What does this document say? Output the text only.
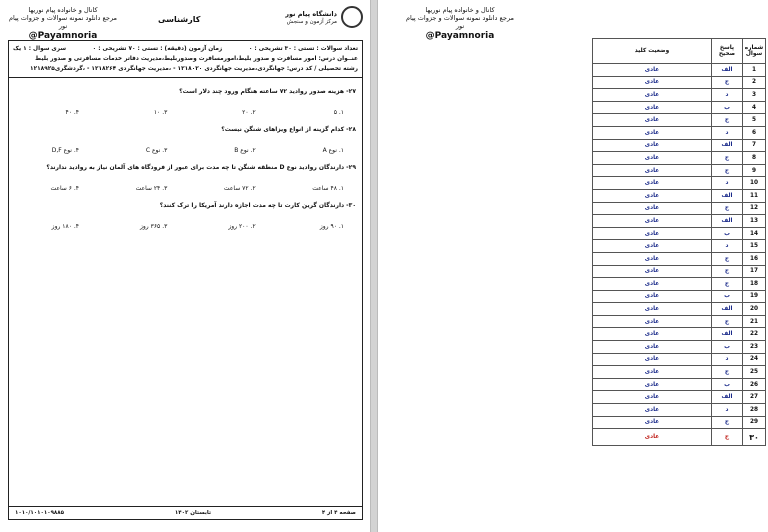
کانال و خانواده پیام نوریها
مرجع دانلود نمونه سوالات و جزوات پیام نور
@Payamnoria
کارشناسی
دانشگاه پیام نور
مرکز آزمون و سنجش
تعداد سوالات : تستی : ۳۰ تشریحی : ۰
زمان آزمون (دقیقه) : تستی : ۷۰ تشریحی : ۰
سری سوال : ۱ یک
عنــوان درس: امور مسافرت و صدور بلیط،امورمسافرت وصدوربلیط،مدیریت دفاتر خدمات مسافرتی و صدور بلیط
رشته تحصیلی / کد درس: جهانگردی،مدیریت جهانگردی ۱۲۱۸۰۲۰ - ،مدیریت جهانگردی ۱۲۱۸۲۶۴ - ،گردشگری۱۲۱۸۹۲۵
۲۷- هزینه صدور روادید ۷۲ ساعته هنگام ورود چند دلار است؟
۱. ۵
۲. ۲۰
۳. ۱۰
۴. ۴۰
۲۸- کدام گزینه از انواع ویزاهای شنگن نیست؟
۱. نوع A
۲. نوع B
۳. نوع C
۴. نوع D,F
۲۹- دارندگان روادید نوع D منطقه شنگن تا چه مدت برای عبور از فرودگاه های آلمان نیاز به روادید ندارند؟
۱. ۴۸ ساعت
۲. ۷۲ ساعت
۳. ۲۴ ساعت
۴. ۶ ساعت
۳۰- دارندگان گرین کارت تا چه مدت اجازه دارند آمریکا را ترک کنند؟
۱. ۹۰ روز
۲. ۲۰۰ روز
۳. ۳۶۵ روز
۴. ۱۸۰ روز
صفحه ۴ از ۴
تابستان ۱۴۰۲
۱۰۱۰/۱۰۱۰۱۰۹۸۸۵
کانال و خانواده پیام نوریها
مرجع دانلود نمونه سوالات و جزوات پیام نور
@Payamnoria
وضعیت کلید	پاسخ صحیح	شماره سوال
عادی	الف	1
عادی	ج	2
عادی	د	3
عادی	ب	4
عادی	ج	5
عادی	د	6
عادی	الف	7
عادی	ج	8
عادی	ج	9
عادی	د	10
عادی	الف	11
عادی	ج	12
عادی	الف	13
عادی	ب	14
عادی	د	15
عادی	ج	16
عادی	ج	17
عادی	ج	18
عادی	ب	19
عادی	الف	20
عادی	ج	21
عادی	الف	22
عادی	ب	23
عادی	د	24
عادی	ج	25
عادی	ب	26
عادی	الف	27
عادی	د	28
عادی	ج	29
عادی	ج	۳۰
